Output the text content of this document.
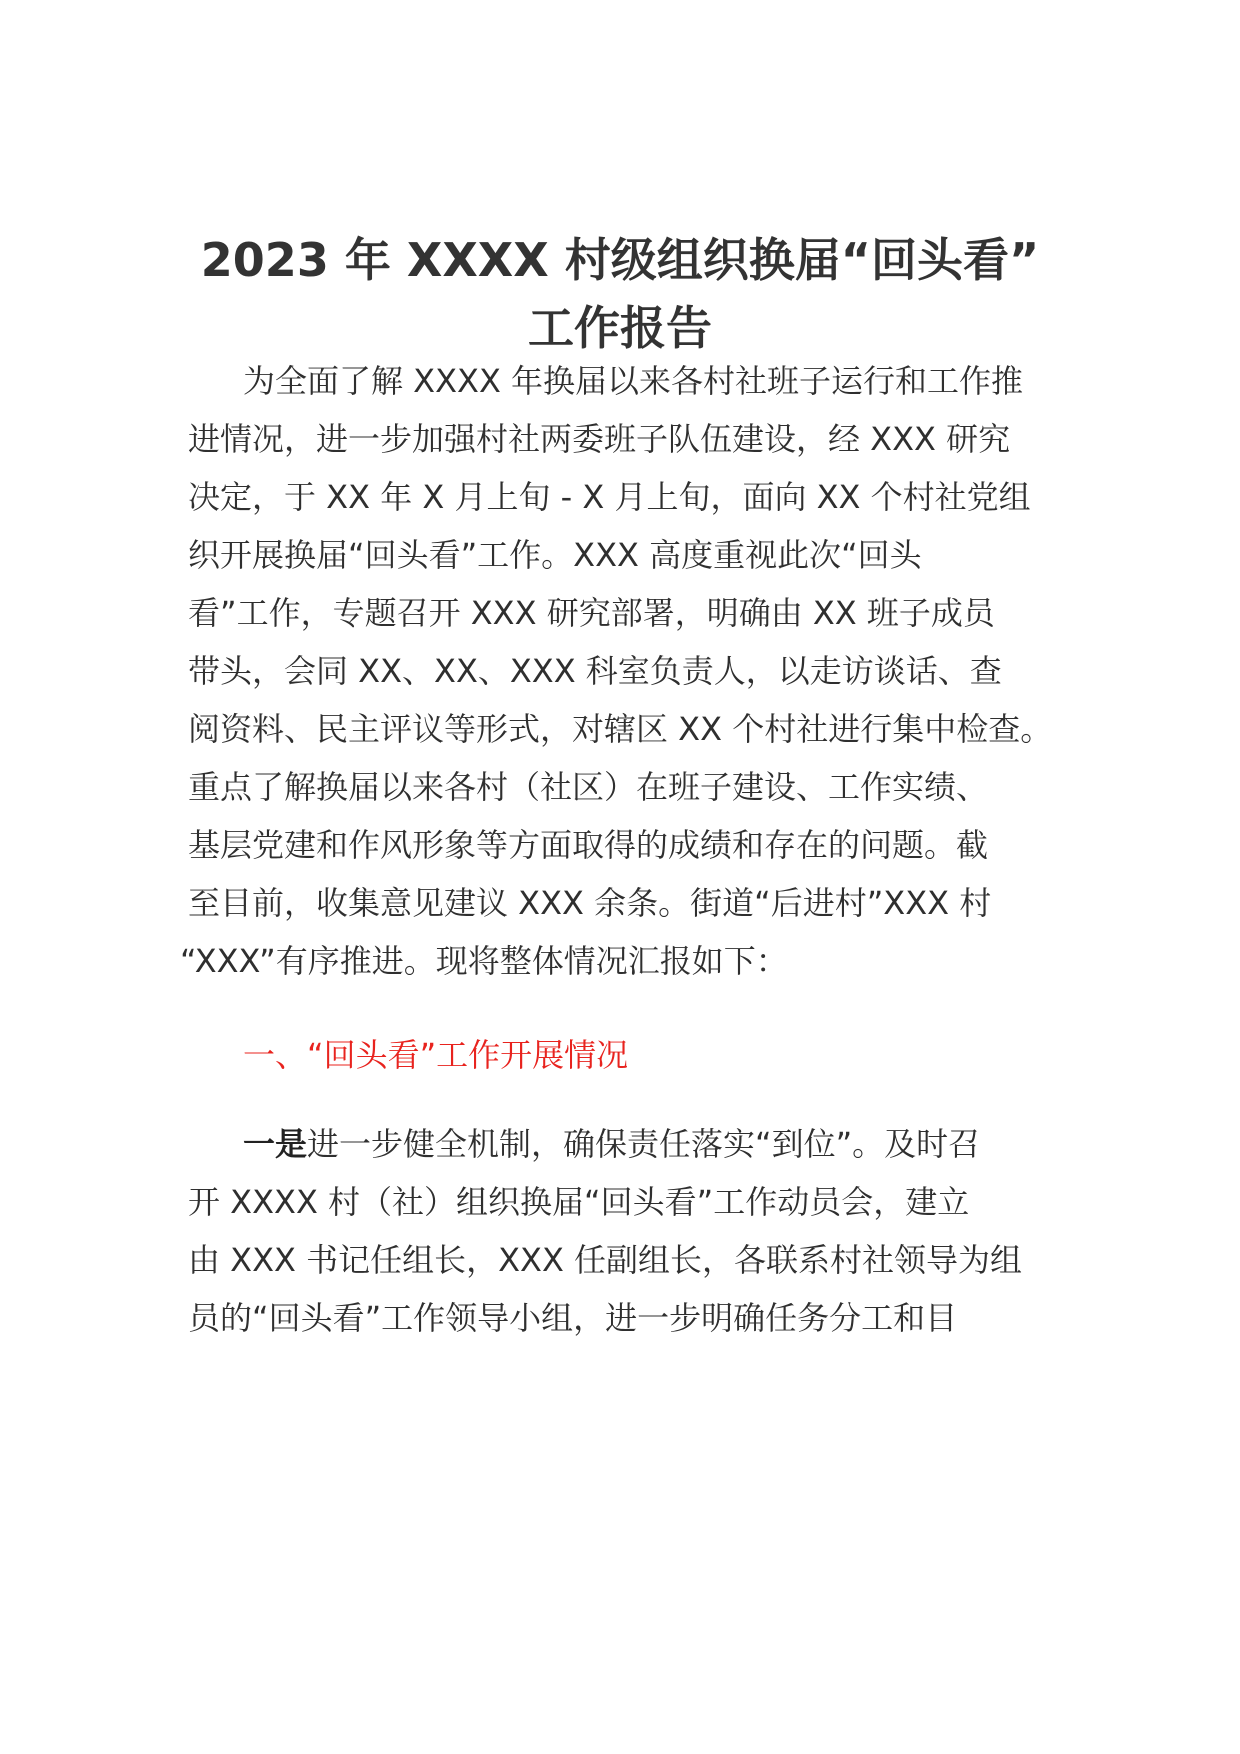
2023 年 XXXX 村级组织换届“回头看”
工作报告
为全面了解 XXXX 年换届以来各村社班子运行和工作推
进情况，进一步加强村社两委班子队伍建设，经 XXX 研究
决定，于 XX 年 X 月上旬 - X 月上旬，面向 XX 个村社党组
织开展换届“回头看”工作。XXX 高度重视此次“回头
看”工作，专题召开 XXX 研究部署，明确由 XX 班子成员
带头，会同 XX、XX、XXX 科室负责人，以走访谈话、查
阅资料、民主评议等形式，对辖区 XX 个村社进行集中检查。
重点了解换届以来各村（社区）在班子建设、工作实绩、
基层党建和作风形象等方面取得的成绩和存在的问题。截
至目前，收集意见建议 XXX 余条。街道“后进村”XXX 村
“XXX”有序推进。现将整体情况汇报如下：
一、“回头看”工作开展情况
一是进一步健全机制，确保责任落实“到位”。及时召
开 XXXX 村（社）组织换届“回头看”工作动员会，建立
由 XXX 书记任组长，XXX 任副组长，各联系村社领导为组
员的“回头看”工作领导小组，进一步明确任务分工和目
